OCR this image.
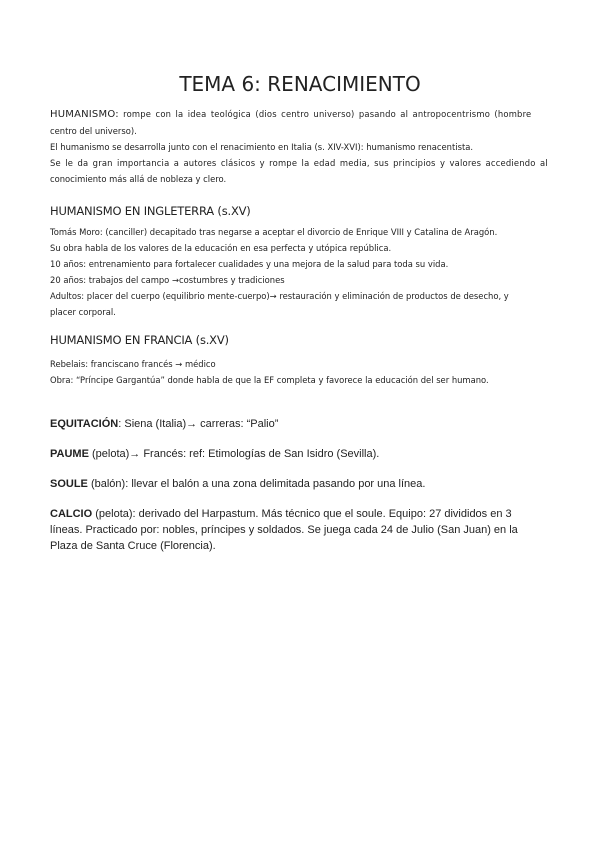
TEMA 6: RENACIMIENTO

HUMANISMO: rompe con la idea teológica (dios centro universo) pasando al antropocentrismo (hombre

centro del universo).

El humanismo se desarrolla junto con el renacimiento en Italia (s. XIV-XVI): humanismo renacentista.

Se le da gran importancia a autores clásicos y rompe la edad media, sus principios y valores accediendo al

conocimiento más allá de nobleza y clero.

HUMANISMO EN INGLETERRA (s.XV)

Tomás Moro: (canciller) decapitado tras negarse a aceptar el divorcio de Enrique VIII y Catalina de Aragón.

Su obra habla de los valores de la educación en esa perfecta y utópica república.

10 años: entrenamiento para fortalecer cualidades y una mejora de la salud para toda su vida.

20 años: trabajos del campo →costumbres y tradiciones

Adultos: placer del cuerpo (equilibrio mente-cuerpo)→ restauración y eliminación de productos de desecho, y

placer corporal.

HUMANISMO EN FRANCIA (s.XV)

Rebelais: franciscano francés → médico

Obra: “Príncipe Gargantúa” donde habla de que la EF completa y favorece la educación del ser humano.

EQUITACIÓN: Siena (Italia)→ carreras: “Palio”

PAUME (pelota)→ Francés: ref: Etimologías de San Isidro (Sevilla).

SOULE (balón): llevar el balón a una zona delimitada pasando por una línea.

CALCIO (pelota): derivado del Harpastum. Más técnico que el soule. Equipo: 27 divididos en 3

líneas. Practicado por: nobles, príncipes y soldados. Se juega cada 24 de Julio (San Juan) en la

Plaza de Santa Cruce (Florencia).
